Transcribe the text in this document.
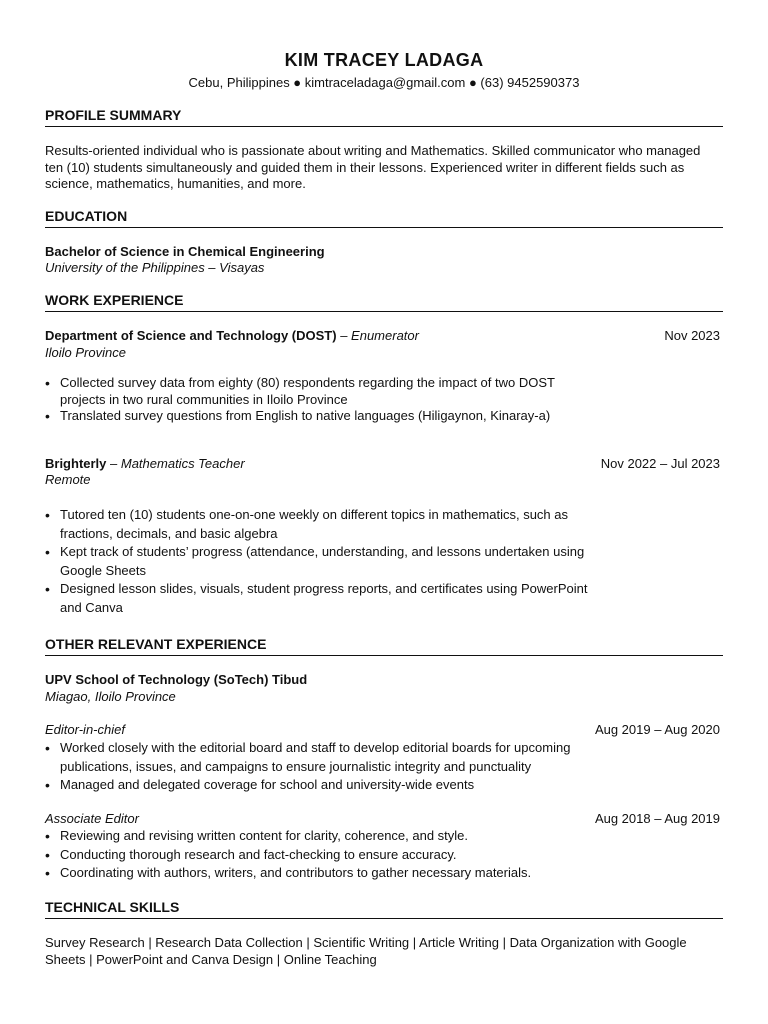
KIM TRACEY LADAGA
Cebu, Philippines ● kimtraceladaga@gmail.com ● (63) 9452590373
PROFILE SUMMARY
Results-oriented individual who is passionate about writing and Mathematics. Skilled communicator who managed ten (10) students simultaneously and guided them in their lessons. Experienced writer in different fields such as science, mathematics, humanities, and more.
EDUCATION
Bachelor of Science in Chemical Engineering
University of the Philippines – Visayas
WORK EXPERIENCE
Department of Science and Technology (DOST) – Enumerator	Nov 2023
Iloilo Province
• Collected survey data from eighty (80) respondents regarding the impact of two DOST projects in two rural communities in Iloilo Province
• Translated survey questions from English to native languages (Hiligaynon, Kinaray-a)
Brighterly – Mathematics Teacher	Nov 2022 – Jul 2023
Remote
• Tutored ten (10) students one-on-one weekly on different topics in mathematics, such as fractions, decimals, and basic algebra
• Kept track of students’ progress (attendance, understanding, and lessons undertaken using Google Sheets
• Designed lesson slides, visuals, student progress reports, and certificates using PowerPoint and Canva
OTHER RELEVANT EXPERIENCE
UPV School of Technology (SoTech) Tibud
Miagao, Iloilo Province
Editor-in-chief	Aug 2019 – Aug 2020
• Worked closely with the editorial board and staff to develop editorial boards for upcoming publications, issues, and campaigns to ensure journalistic integrity and punctuality
• Managed and delegated coverage for school and university-wide events
Associate Editor	Aug 2018 – Aug 2019
• Reviewing and revising written content for clarity, coherence, and style.
• Conducting thorough research and fact-checking to ensure accuracy.
• Coordinating with authors, writers, and contributors to gather necessary materials.
TECHNICAL SKILLS
Survey Research | Research Data Collection | Scientific Writing | Article Writing | Data Organization with Google Sheets | PowerPoint and Canva Design | Online Teaching
